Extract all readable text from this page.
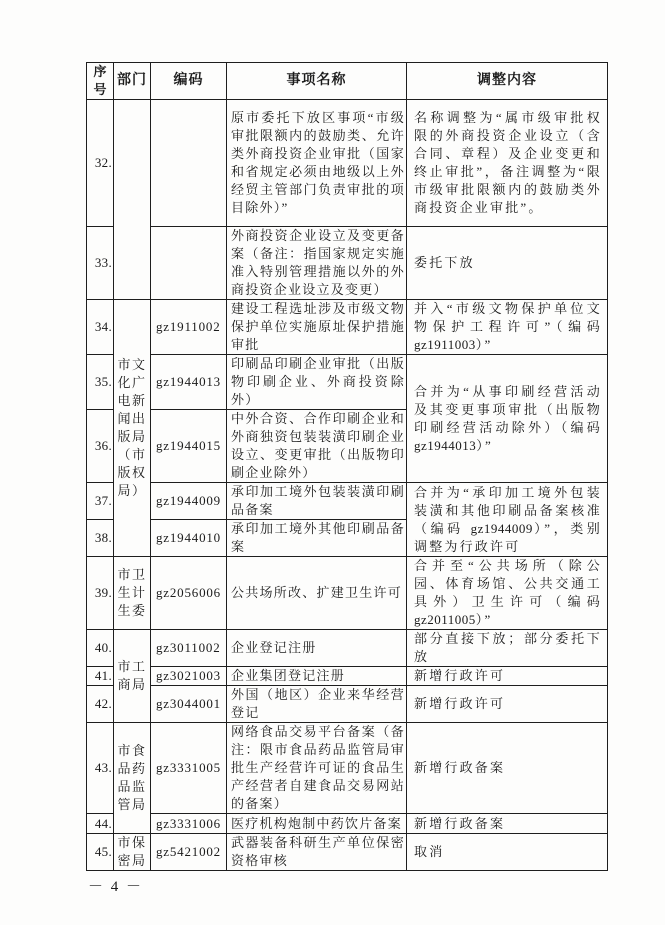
序号	部门	编码	事项名称	调整内容
32.			原市委托下放区事项“市级审批限额内的鼓励类、允许类外商投资企业审批（国家和省规定必须由地级以上外经贸主管部门负责审批的项目除外）”	名称调整为“属市级审批权限的外商投资企业设立（含合同、章程）及企业变更和终止审批”，备注调整为“限市级审批限额内的鼓励类外商投资企业审批”。
33.			外商投资企业设立及变更备案（备注：指国家规定实施准入特别管理措施以外的外商投资企业设立及变更）	委托下放
34.	市文化广电新闻出版局（市版权局）	gz1911002	建设工程选址涉及市级文物保护单位实施原址保护措施审批	并入“市级文物保护单位文物保护工程许可”（编码gz1911003）”
35.		gz1944013	印刷品印刷企业审批（出版物印刷企业、外商投资除外）	合并为“从事印刷经营活动及其变更事项审批（出版物印刷经营活动除外）（编码 gz1944013）”
36.		gz1944015	中外合资、合作印刷企业和外商独资包装装潢印刷企业设立、变更审批（出版物印刷企业除外）	
37.		gz1944009	承印加工境外包装装潢印刷品备案	合并为“承印加工境外包装装潢和其他印刷品备案核准（编码 gz1944009）”，类别调整为行政许可
38.		gz1944010	承印加工境外其他印刷品备案	
39.	市卫生计生委	gz2056006	公共场所改、扩建卫生许可	合并至“公共场所（除公园、体育场馆、公共交通工具外）卫生许可（编码gz2011005）”
40.	市工商局	gz3011002	企业登记注册	部分直接下放；部分委托下放
41.		gz3021003	企业集团登记注册	新增行政许可
42.		gz3044001	外国（地区）企业来华经营登记	新增行政许可
43.	市食品药品监管局	gz3331005	网络食品交易平台备案（备注：限市食品药品监管局审批生产经营许可证的食品生产经营者自建食品交易网站的备案）	新增行政备案
44.		gz3331006	医疗机构炮制中药饮片备案	新增行政备案
45.	市保密局	gz5421002	武器装备科研生产单位保密资格审核	取消
－ 4 －
